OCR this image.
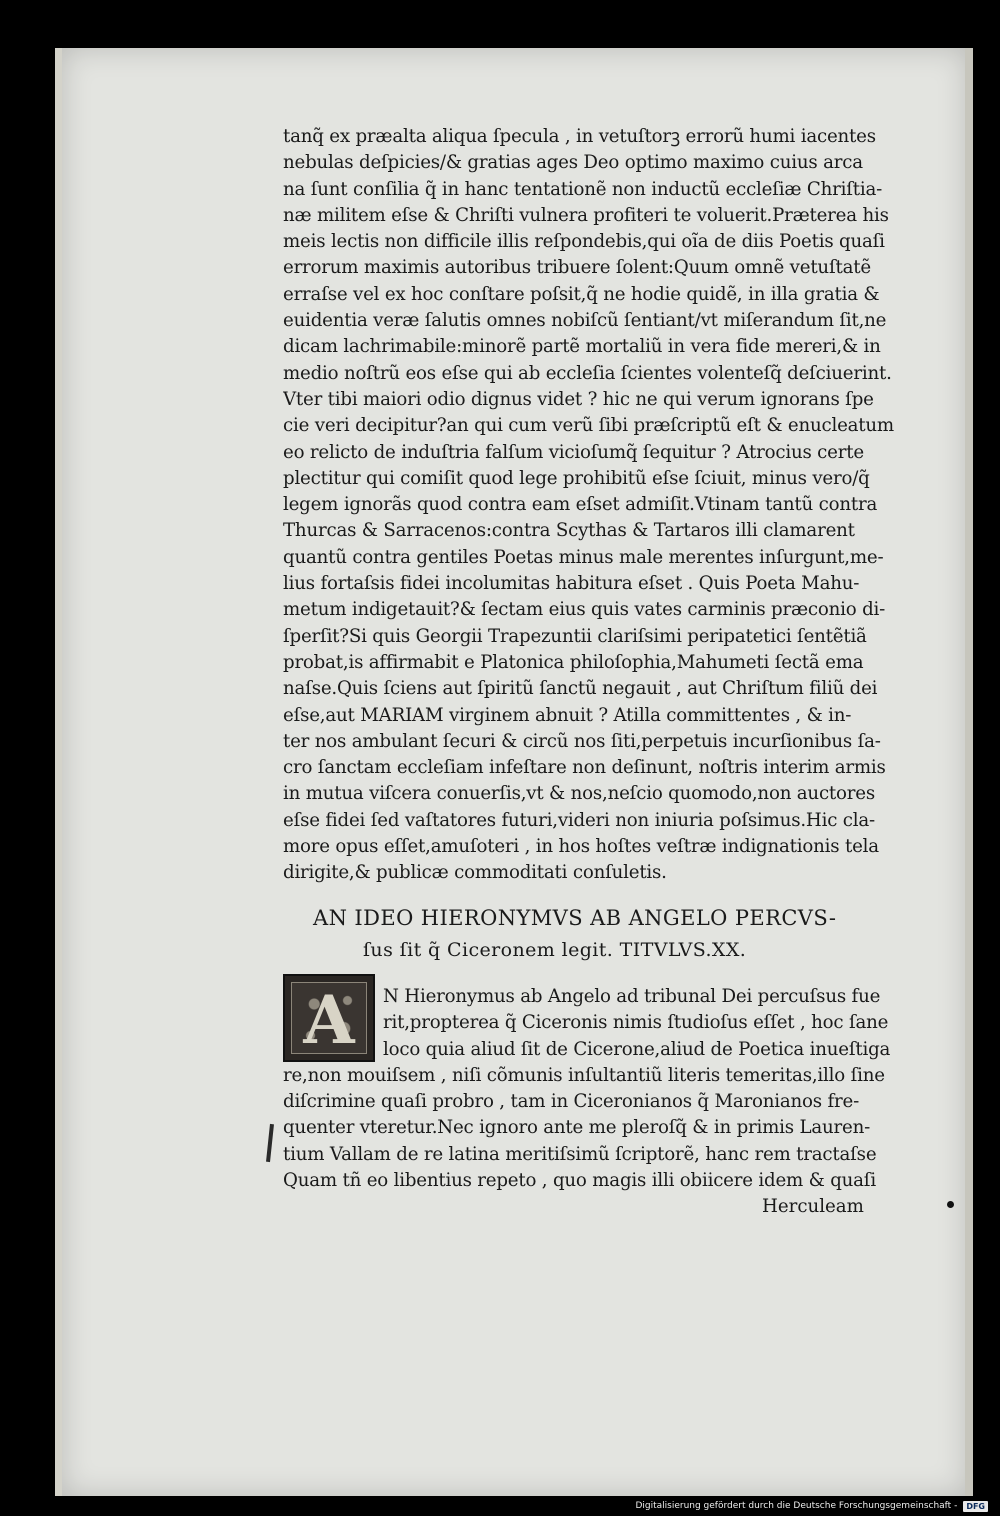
tanq̃ ex præalta aliqua ſpecula , in vetuſtorꝫ errorũ humi iacentes
nebulas deſpicies/& gratias ages Deo optimo maximo cuius arca
na ſunt conſilia q̃ in hanc tentationẽ non inductũ eccleſiæ Chriſtia-
næ militem eſse & Chriſti vulnera profiteri te voluerit.Præterea his
meis lectis non difficile illis reſpondebis,qui oĩa de diis Poetis quaſi
errorum maximis autoribus tribuere ſolent:Quum omnẽ vetuſtatẽ
erraſse vel ex hoc conſtare poſsit,q̃ ne hodie quidẽ, in illa gratia &
euidentia veræ ſalutis omnes nobiſcũ ſentiant/vt miſerandum ſit,ne
dicam lachrimabile:minorẽ partẽ mortaliũ in vera fide mereri,& in
medio noſtrũ eos eſse qui ab eccleſia ſcientes volenteſq̃ deſciuerint.
Vter tibi maiori odio dignus videt ? hic ne qui verum ignorans ſpe
cie veri decipitur?an qui cum verũ ſibi præſcriptũ eſt & enucleatum
eo relicto de induſtria falſum vicioſumq̃ ſequitur ? Atrocius certe
plectitur qui comiſit quod lege prohibitũ eſse ſciuit, minus vero/q̃
legem ignorãs quod contra eam eſset admiſit.Vtinam tantũ contra
Thurcas & Sarracenos:contra Scythas & Tartaros illi clamarent
quantũ contra gentiles Poetas minus male merentes inſurgunt,me-
lius fortaſsis fidei incolumitas habitura eſset . Quis Poeta Mahu-
metum indigetauit?& ſectam eius quis vates carminis præconio di-
ſperſit?Si quis Georgii Trapezuntii clariſsimi peripatetici ſentẽtiã
probat,is affirmabit e Platonica philoſophia,Mahumeti ſectã ema
naſse.Quis ſciens aut ſpiritũ ſanctũ negauit , aut Chriſtum filiũ dei
eſse,aut MARIAM virginem abnuit ? Atilla committentes , & in-
ter nos ambulant ſecuri & circũ nos ſiti,perpetuis incurſionibus ſa-
cro ſanctam eccleſiam infeſtare non deſinunt, noſtris interim armis
in mutua viſcera conuerſis,vt & nos,neſcio quomodo,non auctores
eſse fidei ſed vaſtatores futuri,videri non iniuria poſsimus.Hic cla-
more opus eſſet,amuſoteri , in hos hoſtes veſtræ indignationis tela
dirigite,& publicæ commoditati conſuletis.
AN IDEO HIERONYMVS AB ANGELO PERCVS-
ſus ſit q̃ Ciceronem legit. TITVLVS.XX.
A	N Hieronymus ab Angelo ad tribunal Dei percuſsus fue
rit,propterea q̃ Ciceronis nimis ſtudioſus eſſet , hoc ſane
loco quia aliud ſit de Cicerone,aliud de Poetica inueſtiga
re,non mouiſsem , niſi cõmunis inſultantiũ literis temeritas,illo ſine
diſcrimine quaſi probro , tam in Ciceronianos q̃ Maronianos fre-
quenter vteretur.Nec ignoro ante me pleroſq̃ & in primis Lauren-
tium Vallam de re latina meritiſsimũ ſcriptorẽ, hanc rem tractaſse
Quam tñ eo libentius repeto , quo magis illi obiicere idem & quaſi
Herculeam
Digitalisierung gefördert durch die Deutsche Forschungsgemeinschaft -	DFG
